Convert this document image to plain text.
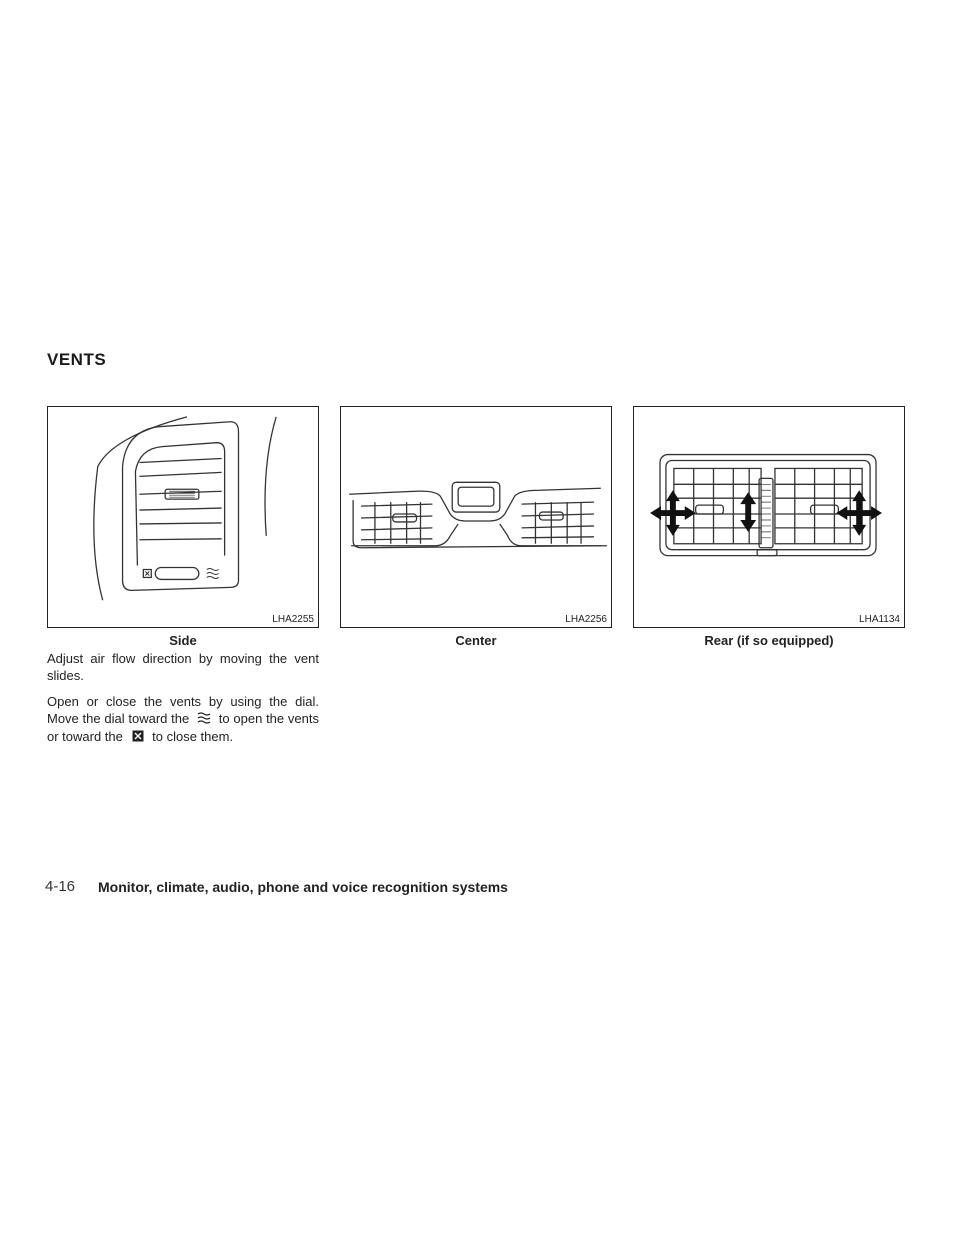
VENTS
LHA2255
Side
LHA2256
Center
LHA1134
Rear (if so equipped)

Adjust air flow direction by moving the vent slides.

Open or close the vents by using the dial. Move the dial toward the to open the vents or toward the to close them.

4-16 Monitor, climate, audio, phone and voice recognition systems
